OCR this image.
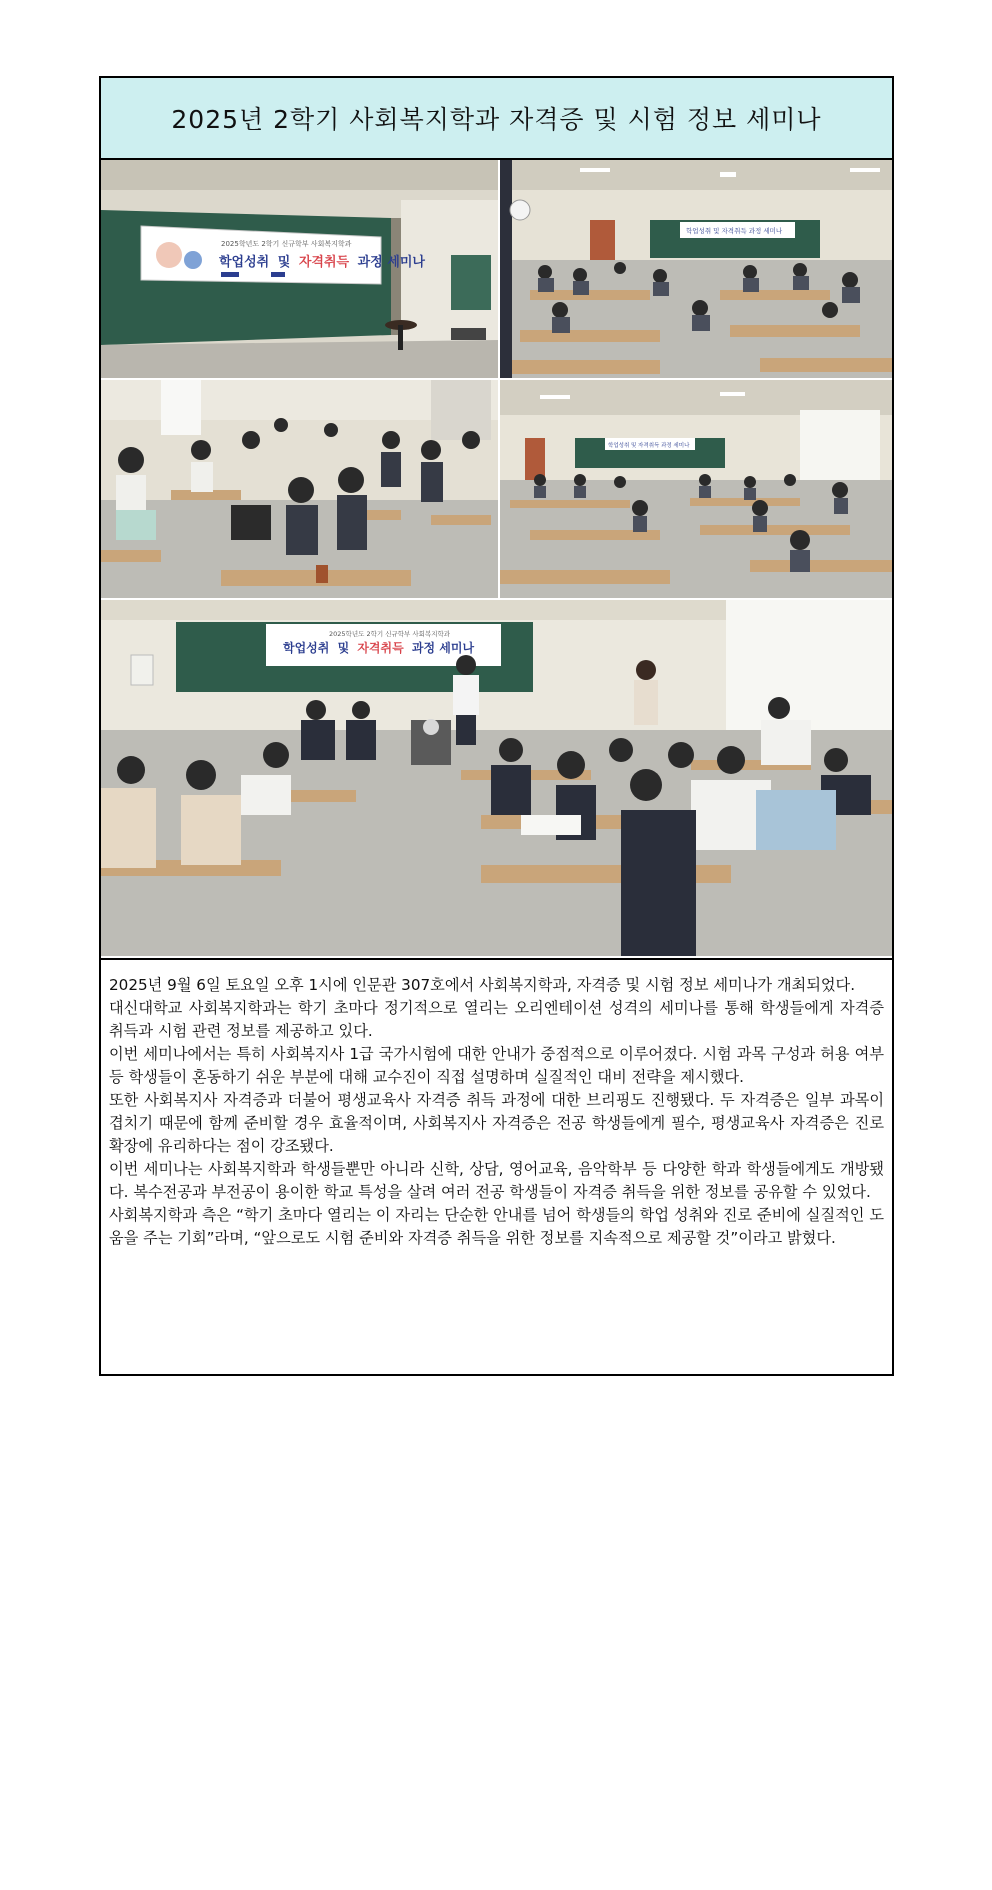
2025년 2학기 사회복지학과 자격증 및 시험 정보 세미나
2025학년도 2학기 신규학부 사회복지학과
학업성취 및 자격취득 과정 세미나
학업성취 및 자격취득 과정 세미나
학업성취 및 자격취득 과정 세미나
2025학년도 2학기 신규학부 사회복지학과
학업성취 및 자격취득 과정 세미나

2025년 9월 6일 토요일 오후 1시에 인문관 307호에서 사회복지학과, 자격증 및 시험 정보 세미나가 개최되었다.

대신대학교 사회복지학과는 학기 초마다 정기적으로 열리는 오리엔테이션 성격의 세미나를 통해 학생들에게 자격증 취득과 시험 관련 정보를 제공하고 있다.

이번 세미나에서는 특히 사회복지사 1급 국가시험에 대한 안내가 중점적으로 이루어졌다. 시험 과목 구성과 허용 여부 등 학생들이 혼동하기 쉬운 부분에 대해 교수진이 직접 설명하며 실질적인 대비 전략을 제시했다.

또한 사회복지사 자격증과 더불어 평생교육사 자격증 취득 과정에 대한 브리핑도 진행됐다. 두 자격증은 일부 과목이 겹치기 때문에 함께 준비할 경우 효율적이며, 사회복지사 자격증은 전공 학생들에게 필수, 평생교육사 자격증은 진로 확장에 유리하다는 점이 강조됐다.

이번 세미나는 사회복지학과 학생들뿐만 아니라 신학, 상담, 영어교육, 음악학부 등 다양한 학과 학생들에게도 개방됐다. 복수전공과 부전공이 용이한 학교 특성을 살려 여러 전공 학생들이 자격증 취득을 위한 정보를 공유할 수 있었다.

사회복지학과 측은 “학기 초마다 열리는 이 자리는 단순한 안내를 넘어 학생들의 학업 성취와 진로 준비에 실질적인 도움을 주는 기회”라며, “앞으로도 시험 준비와 자격증 취득을 위한 정보를 지속적으로 제공할 것”이라고 밝혔다.
